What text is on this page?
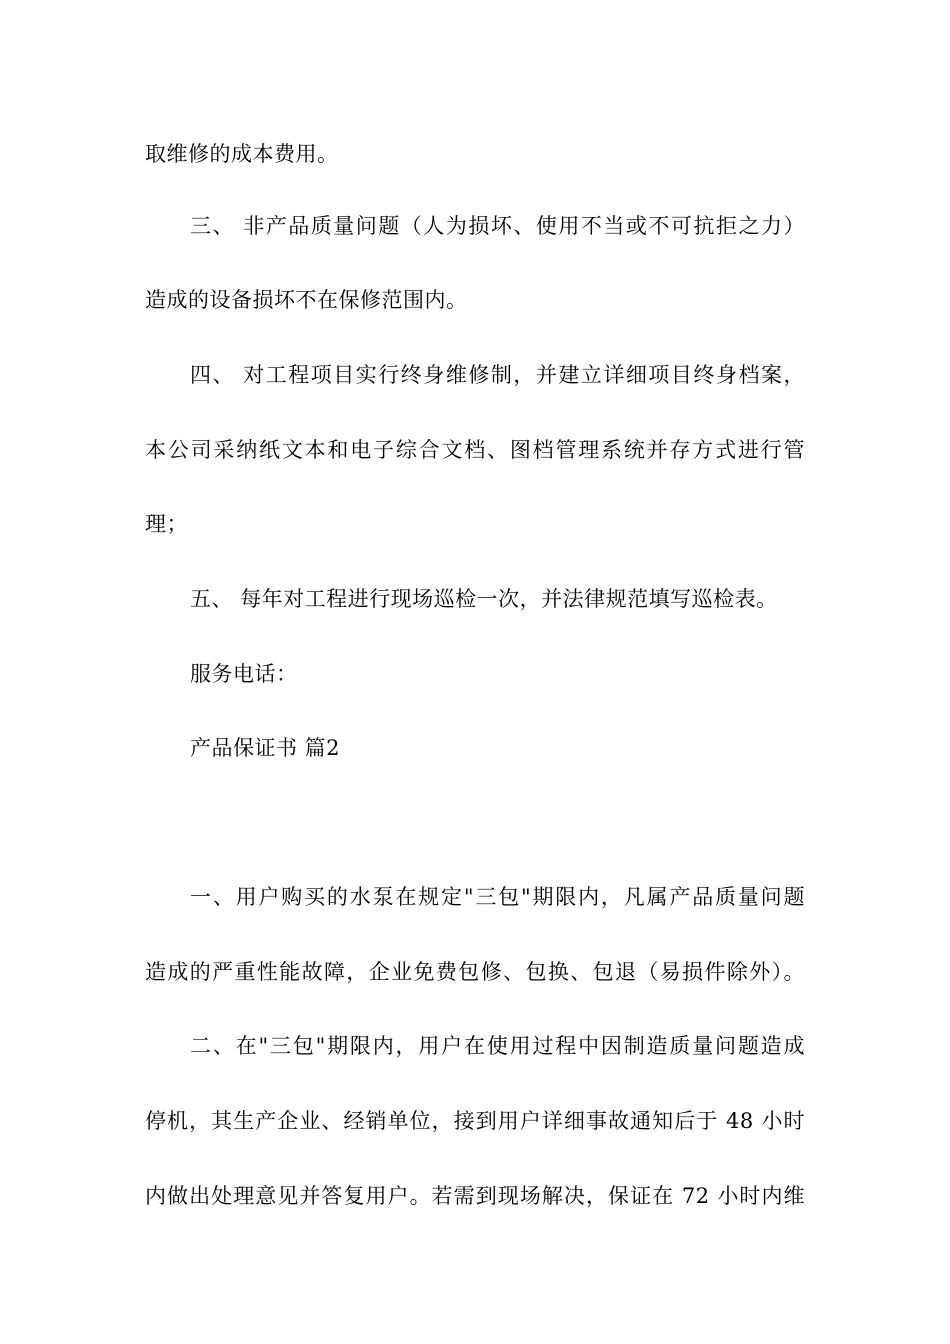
取维修的成本费用。
三、 非产品质量问题（人为损坏、使用不当或不可抗拒之力）
造成的设备损坏不在保修范围内。
四、 对工程项目实行终身维修制，并建立详细项目终身档案，
本公司采纳纸文本和电子综合文档、图档管理系统并存方式进行管
理；
五、 每年对工程进行现场巡检一次，并法律规范填写巡检表。
服务电话：
产品保证书 篇2
一、用户购买的水泵在规定"三包"期限内，凡属产品质量问题
造成的严重性能故障，企业免费包修、包换、包退（易损件除外）。
二、在"三包"期限内，用户在使用过程中因制造质量问题造成
停机，其生产企业、经销单位，接到用户详细事故通知后于 48 小时
内做出处理意见并答复用户。若需到现场解决，保证在 72 小时内维
